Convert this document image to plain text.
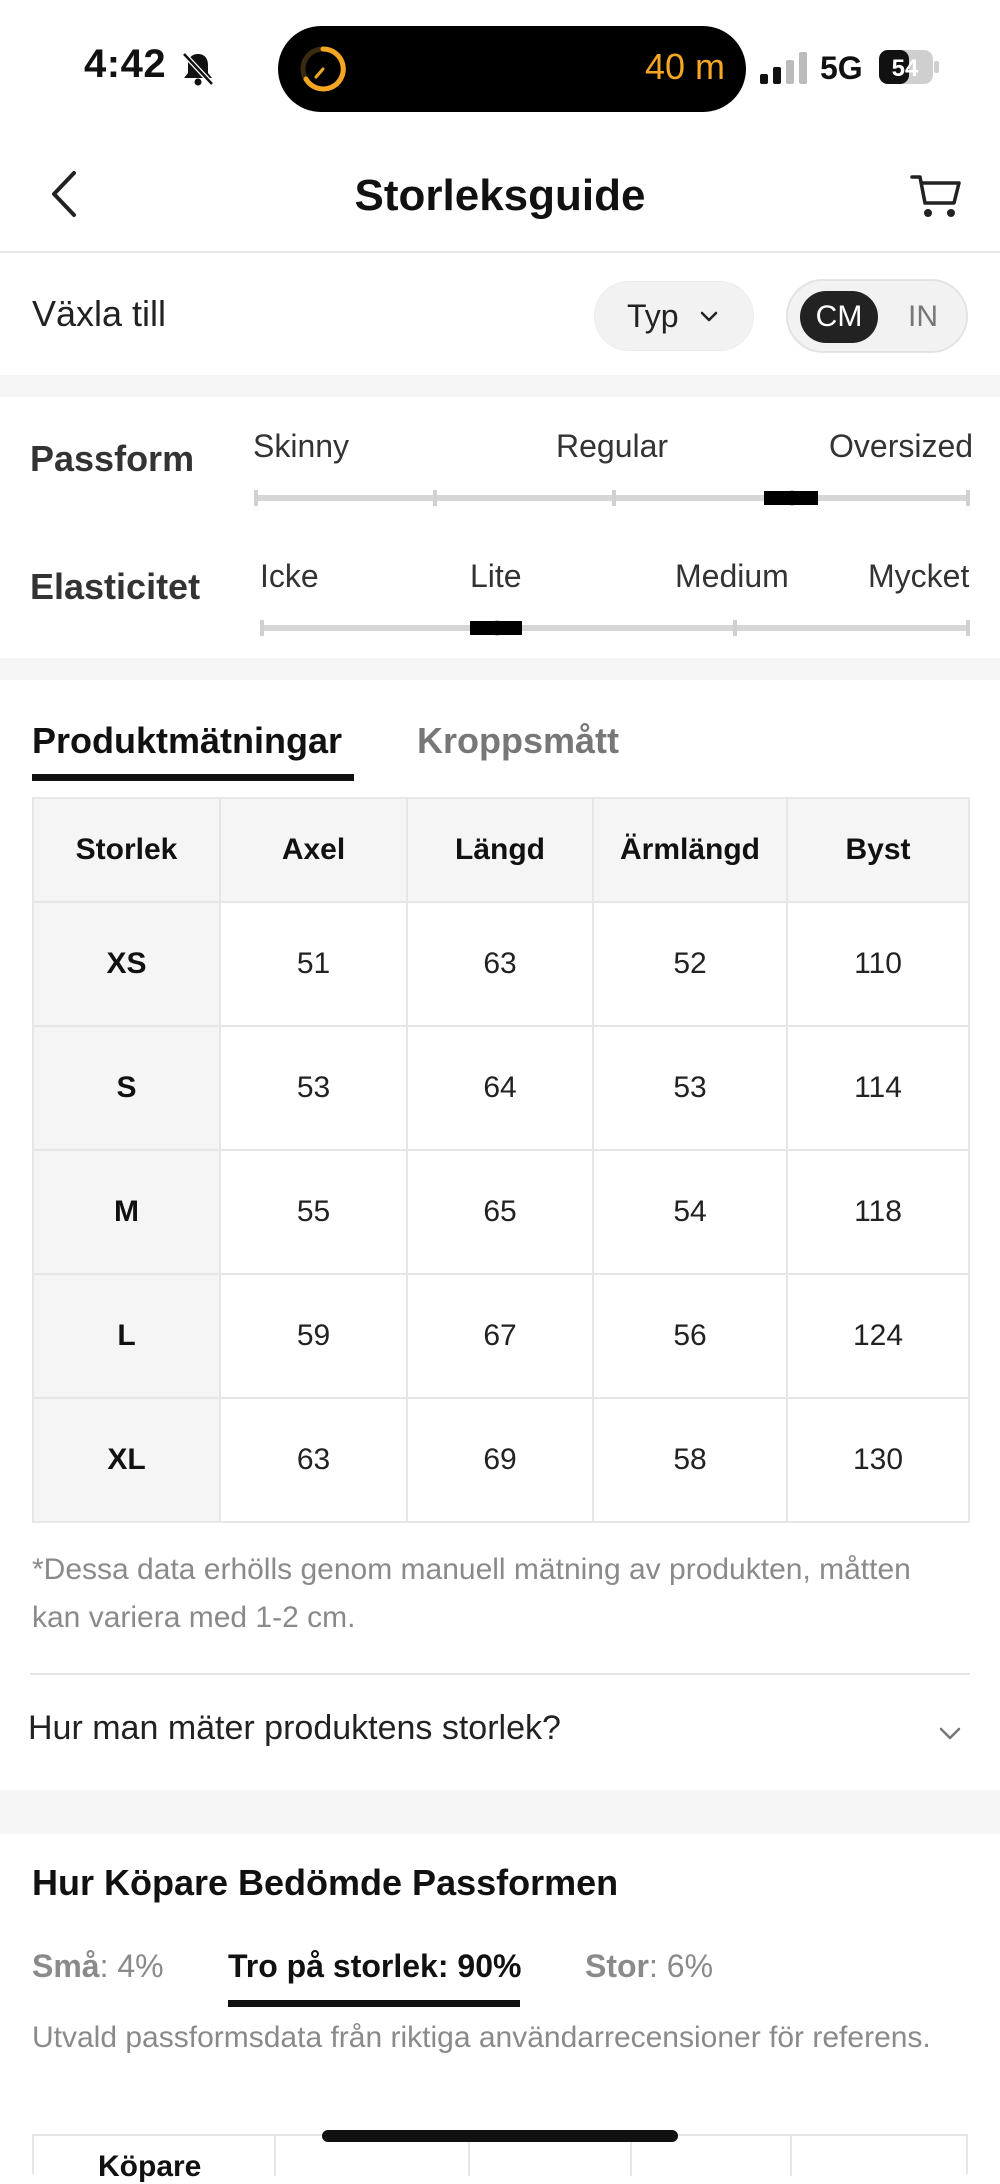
4:42	40 m	5G 54
Storleksguide
Växla till	Typ	CM	IN
Passform Skinny	Regular	Oversized
Elasticitet Icke	Lite	Medium Mycket
Produktmätningar Kroppsmått
Storlek	Axel	Längd	Ärmlängd	Byst
XS	51	63	52	110
S	53	64	53	114
M	55	65	54	118
L	59	67	56	124
XL	63	69	58	130
*Dessa data erhölls genom manuell mätning av produkten, måtten kan variera med 1-2 cm.
Hur man mäter produktens storlek?
Hur Köpare Bedömde Passformen
Små: 4% Tro på storlek: 90% Stor: 6%
Utvald passformsdata från riktiga användarrecensioner för referens.
Köpare
